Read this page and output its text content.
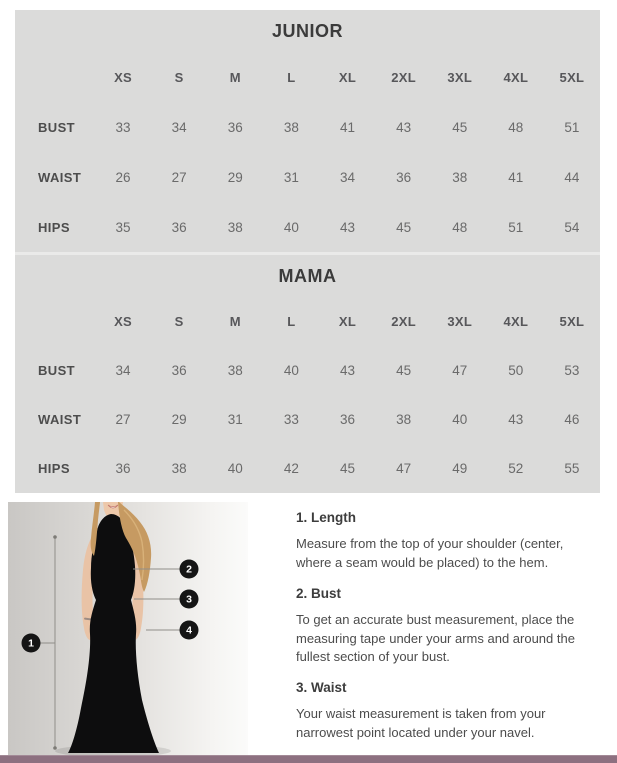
JUNIOR
XS	S	M	L	XL	2XL	3XL	4XL	5XL
BUST	33	34	36	38	41	43	45	48	51
WAIST	26	27	29	31	34	36	38	41	44
HIPS	35	36	38	40	43	45	48	51	54
MAMA
XS	S	M	L	XL	2XL	3XL	4XL	5XL
BUST	34	36	38	40	43	45	47	50	53
WAIST	27	29	31	33	36	38	40	43	46
HIPS	36	38	40	42	45	47	49	52	55
1
2
3
4
1. Length

Measure from the top of your shoulder (center, where a seam would be placed) to the hem.

2. Bust

To get an accurate bust measurement, place the measuring tape under your arms and around the fullest section of your bust.

3. Waist

Your waist measurement is taken from your narrowest point located under your navel.
